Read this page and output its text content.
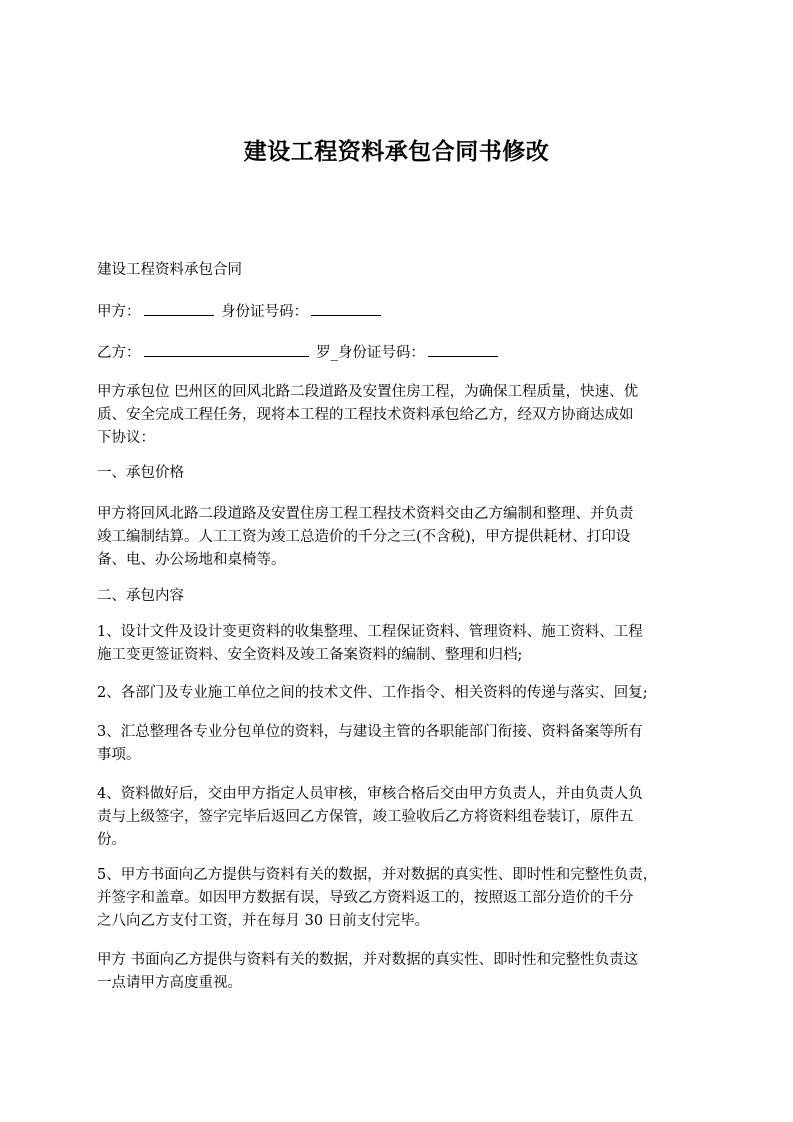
建设工程资料承包合同书修改
建设工程资料承包合同
甲方：	身份证号码：
乙方：	罗_身份证号码：
甲方承包位 巴州区的回风北路二段道路及安置住房工程，为确保工程质量，快速、优
质、安全完成工程任务，现将本工程的工程技术资料承包给乙方，经双方协商达成如
下协议：
一、承包价格
甲方将回风北路二段道路及安置住房工程工程技术资料交由乙方编制和整理、并负责
竣工编制结算。人工工资为竣工总造价的千分之三(不含税)，甲方提供耗材、打印设
备、电、办公场地和桌椅等。
二、承包内容
1、设计文件及设计变更资料的收集整理、工程保证资料、管理资料、施工资料、工程
施工变更签证资料、安全资料及竣工备案资料的编制、整理和归档;
2、各部门及专业施工单位之间的技术文件、工作指令、相关资料的传递与落实、回复;
3、汇总整理各专业分包单位的资料，与建设主管的各职能部门衔接、资料备案等所有
事项。
4、资料做好后，交由甲方指定人员审核，审核合格后交由甲方负责人，并由负责人负
责与上级签字，签字完毕后返回乙方保管，竣工验收后乙方将资料组卷装订，原件五
份。
5、甲方书面向乙方提供与资料有关的数据，并对数据的真实性、即时性和完整性负责，
并签字和盖章。如因甲方数据有误，导致乙方资料返工的，按照返工部分造价的千分
之八向乙方支付工资，并在每月 30 日前支付完毕。
甲方 书面向乙方提供与资料有关的数据，并对数据的真实性、即时性和完整性负责这
一点请甲方高度重视。
